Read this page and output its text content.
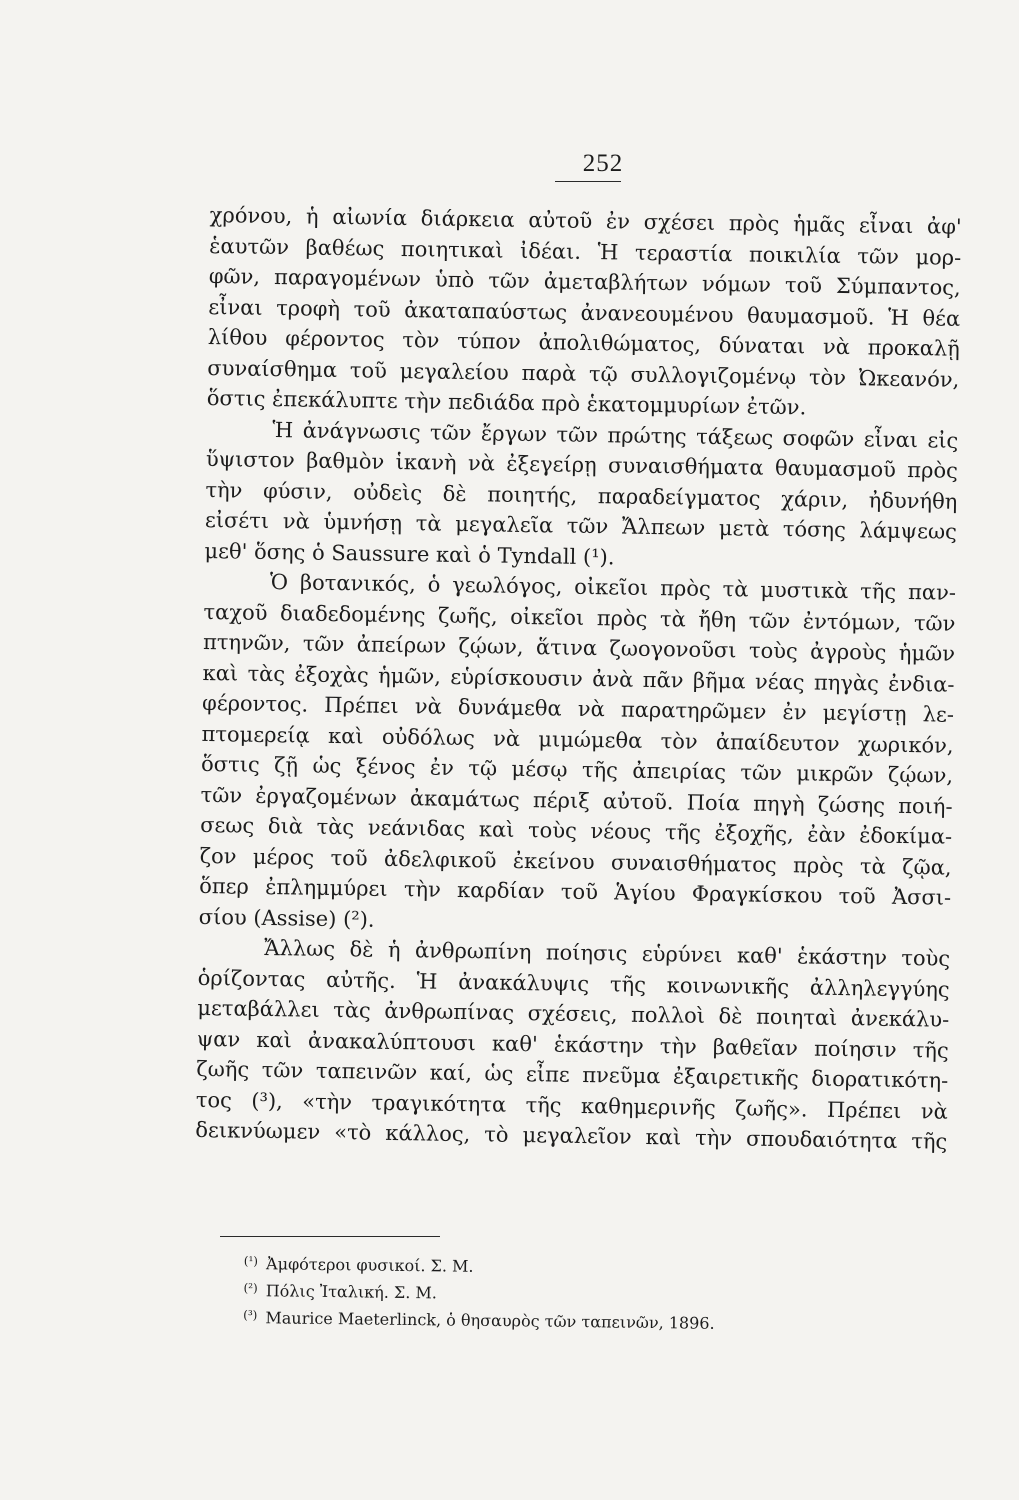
252
χρόνου, ἡ αἰωνία διάρκεια αὐτοῦ ἐν σχέσει πρὸς ἡμᾶς εἶναι ἀφ'
ἑαυτῶν βαθέως ποιητικαὶ ἰδέαι. Ἡ τεραστία ποικιλία τῶν μορ-
φῶν, παραγομένων ὑπὸ τῶν ἀμεταβλήτων νόμων τοῦ Σύμπαντος,
εἶναι τροφὴ τοῦ ἀκαταπαύστως ἀνανεουμένου θαυμασμοῦ. Ἡ θέα
λίθου φέροντος τὸν τύπον ἀπολιθώματος, δύναται νὰ προκαλῇ
συναίσθημα τοῦ μεγαλείου παρὰ τῷ συλλογιζομένῳ τὸν Ὠκεανόν,
ὅστις ἐπεκάλυπτε τὴν πεδιάδα πρὸ ἑκατομμυρίων ἐτῶν.
Ἡ ἀνάγνωσις τῶν ἔργων τῶν πρώτης τάξεως σοφῶν εἶναι εἰς
ὕψιστον βαθμὸν ἱκανὴ νὰ ἐξεγείρῃ συναισθήματα θαυμασμοῦ πρὸς
τὴν φύσιν, οὐδεὶς δὲ ποιητής, παραδείγματος χάριν, ἠδυνήθη
εἰσέτι νὰ ὑμνήσῃ τὰ μεγαλεῖα τῶν Ἄλπεων μετὰ τόσης λάμψεως
μεθ' ὅσης ὁ Saussure καὶ ὁ Tyndall (¹).
Ὁ βοτανικός, ὁ γεωλόγος, οἰκεῖοι πρὸς τὰ μυστικὰ τῆς παν-
ταχοῦ διαδεδομένης ζωῆς, οἰκεῖοι πρὸς τὰ ἤθη τῶν ἐντόμων, τῶν
πτηνῶν, τῶν ἀπείρων ζῴων, ἅτινα ζωογονοῦσι τοὺς ἀγροὺς ἡμῶν
καὶ τὰς ἐξοχὰς ἡμῶν, εὑρίσκουσιν ἀνὰ πᾶν βῆμα νέας πηγὰς ἐνδια-
φέροντος. Πρέπει νὰ δυνάμεθα νὰ παρατηρῶμεν ἐν μεγίστῃ λε-
πτομερείᾳ καὶ οὐδόλως νὰ μιμώμεθα τὸν ἀπαίδευτον χωρικόν,
ὅστις ζῇ ὡς ξένος ἐν τῷ μέσῳ τῆς ἀπειρίας τῶν μικρῶν ζῴων,
τῶν ἐργαζομένων ἀκαμάτως πέριξ αὐτοῦ. Ποία πηγὴ ζώσης ποιή-
σεως διὰ τὰς νεάνιδας καὶ τοὺς νέους τῆς ἐξοχῆς, ἐὰν ἐδοκίμα-
ζον μέρος τοῦ ἀδελφικοῦ ἐκείνου συναισθήματος πρὸς τὰ ζῷα,
ὅπερ ἐπλημμύρει τὴν καρδίαν τοῦ Ἁγίου Φραγκίσκου τοῦ Ἀσσι-
σίου (Assise) (²).
Ἄλλως δὲ ἡ ἀνθρωπίνη ποίησις εὑρύνει καθ' ἑκάστην τοὺς
ὁρίζοντας αὐτῆς. Ἡ ἀνακάλυψις τῆς κοινωνικῆς ἀλληλεγγύης
μεταβάλλει τὰς ἀνθρωπίνας σχέσεις, πολλοὶ δὲ ποιηταὶ ἀνεκάλυ-
ψαν καὶ ἀνακαλύπτουσι καθ' ἑκάστην τὴν βαθεῖαν ποίησιν τῆς
ζωῆς τῶν ταπεινῶν καί, ὡς εἶπε πνεῦμα ἐξαιρετικῆς διορατικότη-
τος (³), «τὴν τραγικότητα τῆς καθημερινῆς ζωῆς». Πρέπει νὰ
δεικνύωμεν «τὸ κάλλος, τὸ μεγαλεῖον καὶ τὴν σπουδαιότητα τῆς
$^{(^1)}$ Ἀμφότεροι φυσικοί. Σ. Μ.
$^{(^2)}$ Πόλις Ἰταλική. Σ. Μ.
$^{(^3)}$ Maurice Maeterlinck, ὁ θησαυρὸς τῶν ταπεινῶν, 1896.
